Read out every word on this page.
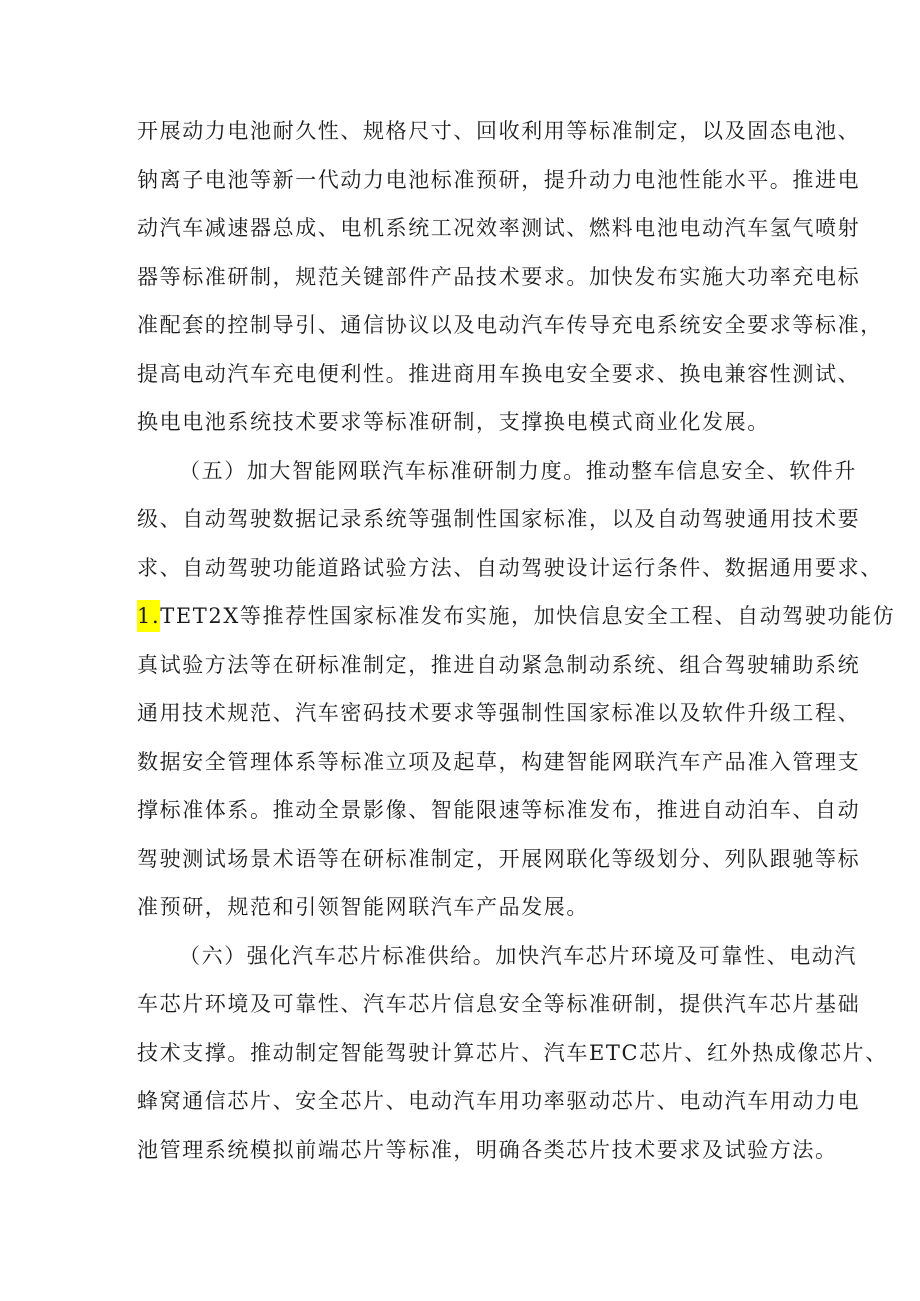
开展动力电池耐久性、规格尺寸、回收利用等标准制定，以及固态电池、
钠离子电池等新一代动力电池标准预研，提升动力电池性能水平。推进电
动汽车减速器总成、电机系统工况效率测试、燃料电池电动汽车氢气喷射
器等标准研制，规范关键部件产品技术要求。加快发布实施大功率充电标
准配套的控制导引、通信协议以及电动汽车传导充电系统安全要求等标准，
提高电动汽车充电便利性。推进商用车换电安全要求、换电兼容性测试、
换电电池系统技术要求等标准研制，支撑换电模式商业化发展。
（五）加大智能网联汽车标准研制力度。推动整车信息安全、软件升
级、自动驾驶数据记录系统等强制性国家标准，以及自动驾驶通用技术要
求、自动驾驶功能道路试验方法、自动驾驶设计运行条件、数据通用要求、
1.TET2X等推荐性国家标准发布实施，加快信息安全工程、自动驾驶功能仿
真试验方法等在研标准制定，推进自动紧急制动系统、组合驾驶辅助系统
通用技术规范、汽车密码技术要求等强制性国家标准以及软件升级工程、
数据安全管理体系等标准立项及起草，构建智能网联汽车产品准入管理支
撑标准体系。推动全景影像、智能限速等标准发布，推进自动泊车、自动
驾驶测试场景术语等在研标准制定，开展网联化等级划分、列队跟驰等标
准预研，规范和引领智能网联汽车产品发展。
（六）强化汽车芯片标准供给。加快汽车芯片环境及可靠性、电动汽
车芯片环境及可靠性、汽车芯片信息安全等标准研制，提供汽车芯片基础
技术支撑。推动制定智能驾驶计算芯片、汽车ETC芯片、红外热成像芯片、
蜂窝通信芯片、安全芯片、电动汽车用功率驱动芯片、电动汽车用动力电
池管理系统模拟前端芯片等标准，明确各类芯片技术要求及试验方法。
